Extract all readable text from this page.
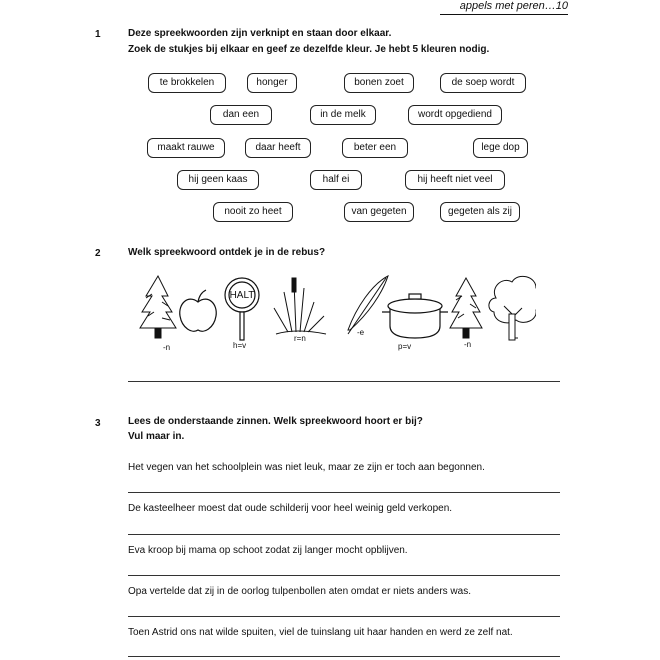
appels met peren…10
1	Deze spreekwoorden zijn verknipt en staan door elkaar.
Zoek de stukjes bij elkaar en geef ze dezelfde kleur. Je hebt 5 kleuren nodig.
te brokkelen	honger	bonen zoet	de soep wordt
dan een	in de melk	wordt opgediend
maakt rauwe	daar heeft	beter een	lege dop
hij geen kaas	half ei	hij heeft niet veel
nooit zo heet	van gegeten	gegeten als zij
2	Welk spreekwoord ontdek je in de rebus?
HALT
-n	h=v
r=n
-e
p=v	-n
3	Lees de onderstaande zinnen. Welk spreekwoord hoort er bij?
Vul maar in.
Het vegen van het schoolplein was niet leuk, maar ze zijn er toch aan begonnen.
De kasteelheer moest dat oude schilderij voor heel weinig geld verkopen.
Eva kroop bij mama op schoot zodat zij langer mocht opblijven.
Opa vertelde dat zij in de oorlog tulpenbollen aten omdat er niets anders was.
Toen Astrid ons nat wilde spuiten, viel de tuinslang uit haar handen en werd ze zelf nat.
